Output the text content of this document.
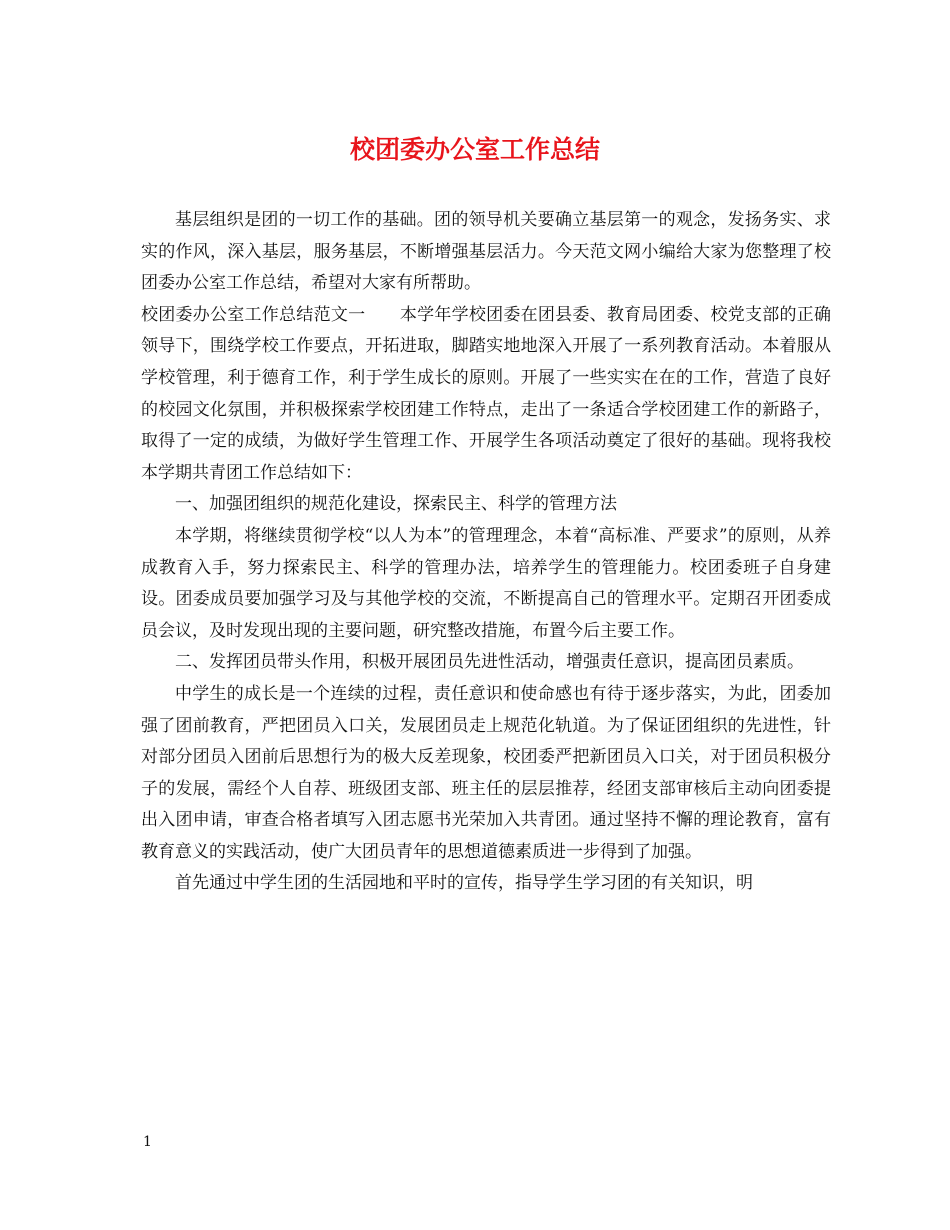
校团委办公室工作总结

基层组织是团的一切工作的基础。团的领导机关要确立基层第一的观念，发扬务实、求实的作风，深入基层，服务基层，不断增强基层活力。今天范文网小编给大家为您整理了校团委办公室工作总结，希望对大家有所帮助。

校团委办公室工作总结范文一　　本学年学校团委在团县委、教育局团委、校党支部的正确领导下，围绕学校工作要点，开拓进取，脚踏实地地深入开展了一系列教育活动。本着服从学校管理，利于德育工作，利于学生成长的原则。开展了一些实实在在的工作，营造了良好的校园文化氛围，并积极探索学校团建工作特点，走出了一条适合学校团建工作的新路子，取得了一定的成绩，为做好学生管理工作、开展学生各项活动奠定了很好的基础。现将我校本学期共青团工作总结如下：

一、加强团组织的规范化建设，探索民主、科学的管理方法

本学期，将继续贯彻学校“以人为本”的管理理念，本着“高标准、严要求”的原则，从养成教育入手，努力探索民主、科学的管理办法，培养学生的管理能力。校团委班子自身建设。团委成员要加强学习及与其他学校的交流，不断提高自己的管理水平。定期召开团委成员会议，及时发现出现的主要问题，研究整改措施，布置今后主要工作。

二、发挥团员带头作用，积极开展团员先进性活动，增强责任意识，提高团员素质。

中学生的成长是一个连续的过程，责任意识和使命感也有待于逐步落实，为此，团委加强了团前教育，严把团员入口关，发展团员走上规范化轨道。为了保证团组织的先进性，针对部分团员入团前后思想行为的极大反差现象，校团委严把新团员入口关，对于团员积极分子的发展，需经个人自荐、班级团支部、班主任的层层推荐，经团支部审核后主动向团委提出入团申请，审查合格者填写入团志愿书光荣加入共青团。通过坚持不懈的理论教育，富有教育意义的实践活动，使广大团员青年的思想道德素质进一步得到了加强。

首先通过中学生团的生活园地和平时的宣传，指导学生学习团的有关知识，明

1
